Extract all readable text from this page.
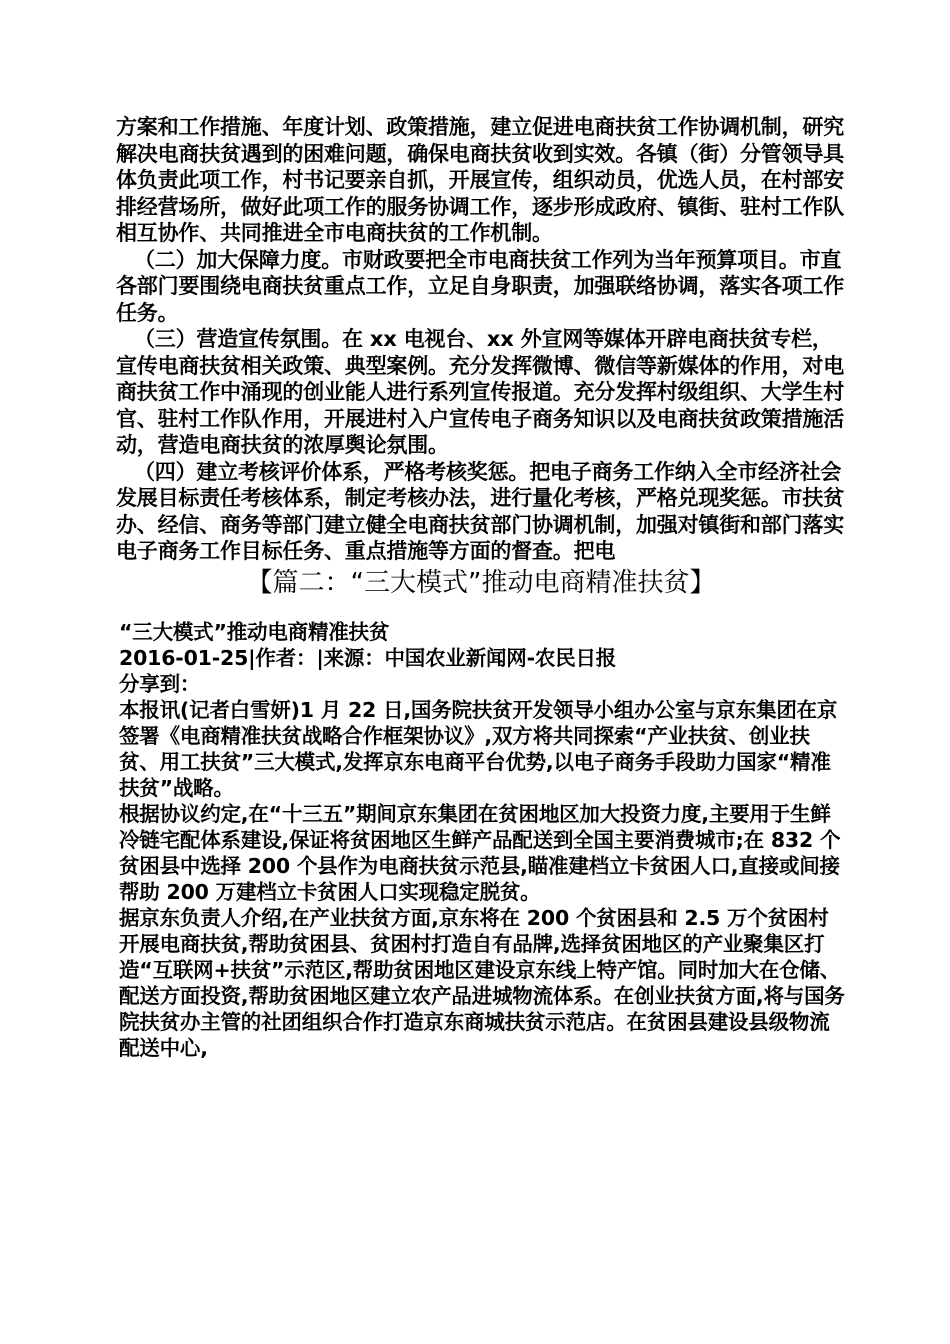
方案和工作措施、年度计划、政策措施，建立促进电商扶贫工作协调机制，研究解决电商扶贫遇到的困难问题，确保电商扶贫收到实效。各镇（街）分管领导具体负责此项工作，村书记要亲自抓，开展宣传，组织动员，优选人员，在村部安排经营场所，做好此项工作的服务协调工作，逐步形成政府、镇街、驻村工作队相互协作、共同推进全市电商扶贫的工作机制。

（二）加大保障力度。市财政要把全市电商扶贫工作列为当年预算项目。市直各部门要围绕电商扶贫重点工作，立足自身职责，加强联络协调，落实各项工作任务。

（三）营造宣传氛围。在 xx 电视台、xx 外宣网等媒体开辟电商扶贫专栏，宣传电商扶贫相关政策、典型案例。充分发挥微博、微信等新媒体的作用，对电商扶贫工作中涌现的创业能人进行系列宣传报道。充分发挥村级组织、大学生村官、驻村工作队作用，开展进村入户宣传电子商务知识以及电商扶贫政策措施活动，营造电商扶贫的浓厚舆论氛围。

（四）建立考核评价体系，严格考核奖惩。把电子商务工作纳入全市经济社会发展目标责任考核体系，制定考核办法，进行量化考核，严格兑现奖惩。市扶贫办、经信、商务等部门建立健全电商扶贫部门协调机制，加强对镇街和部门落实电子商务工作目标任务、重点措施等方面的督查。把电

【篇二：“三大模式”推动电商精准扶贫】

“三大模式”推动电商精准扶贫

2016-01-25|作者：|来源：中国农业新闻网-农民日报

分享到：

本报讯(记者白雪妍)1 月 22 日,国务院扶贫开发领导小组办公室与京东集团在京签署《电商精准扶贫战略合作框架协议》,双方将共同探索“产业扶贫、创业扶贫、用工扶贫”三大模式,发挥京东电商平台优势,以电子商务手段助力国家“精准扶贫”战略。

根据协议约定,在“十三五”期间京东集团在贫困地区加大投资力度,主要用于生鲜冷链宅配体系建设,保证将贫困地区生鲜产品配送到全国主要消费城市;在 832 个贫困县中选择 200 个县作为电商扶贫示范县,瞄准建档立卡贫困人口,直接或间接帮助 200 万建档立卡贫困人口实现稳定脱贫。

据京东负责人介绍,在产业扶贫方面,京东将在 200 个贫困县和 2.5 万个贫困村开展电商扶贫,帮助贫困县、贫困村打造自有品牌,选择贫困地区的产业聚集区打造“互联网+扶贫”示范区,帮助贫困地区建设京东线上特产馆。同时加大在仓储、配送方面投资,帮助贫困地区建立农产品进城物流体系。在创业扶贫方面,将与国务院扶贫办主管的社团组织合作打造京东商城扶贫示范店。在贫困县建设县级物流配送中心,
